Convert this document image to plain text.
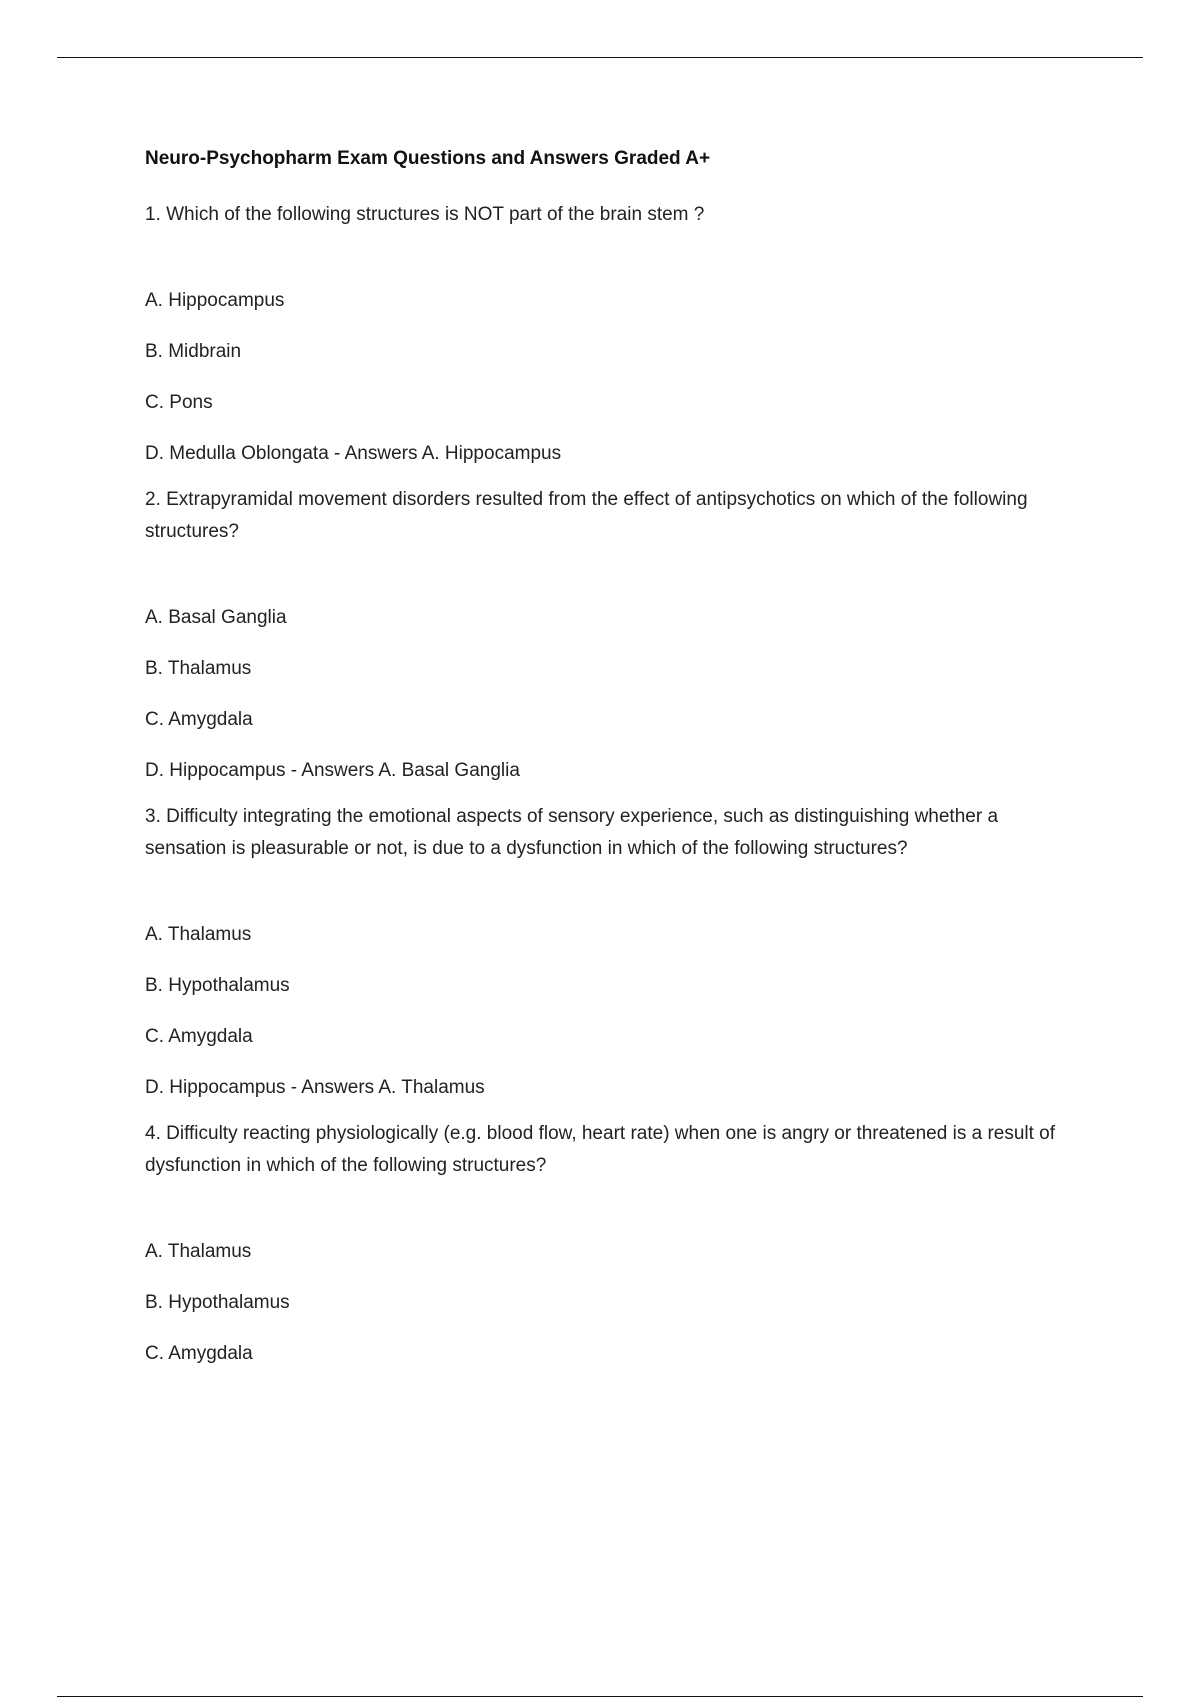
Neuro-Psychopharm Exam Questions and Answers Graded A+

1. Which of the following structures is NOT part of the brain stem ?

A. Hippocampus

B. Midbrain

C. Pons

D. Medulla Oblongata - Answers A. Hippocampus

2. Extrapyramidal movement disorders resulted from the effect of antipsychotics on which of the following structures?

A. Basal Ganglia

B. Thalamus

C. Amygdala

D. Hippocampus - Answers A. Basal Ganglia

3. Difficulty integrating the emotional aspects of sensory experience, such as distinguishing whether a sensation is pleasurable or not, is due to a dysfunction in which of the following structures?

A. Thalamus

B. Hypothalamus

C. Amygdala

D. Hippocampus - Answers A. Thalamus

4. Difficulty reacting physiologically (e.g. blood flow, heart rate) when one is angry or threatened is a result of dysfunction in which of the following structures?

A. Thalamus

B. Hypothalamus

C. Amygdala
